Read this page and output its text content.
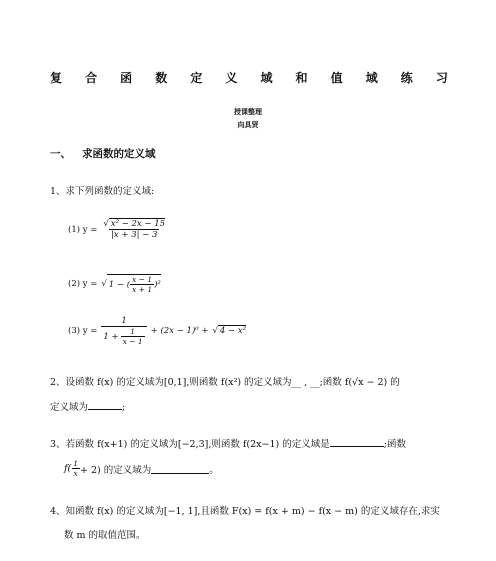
复 合 函 数 定 义 域 和 值 域 练 习
授课整理
向具贤
一、 求函数的定义域
1、求下列函数的定义域:
(1) $y = \frac{\text{√ x² − 2x − 15}}{|x + 3| - 3}$
(2) y = √ 1 − ( $\frac{x - 1}{x + 1} )^2$
(3) $y = \frac{1}{1 + \frac{1}{x - 1}} + (2x - 1)^0$ + √ 4 − x²
2、设函数 f(x) 的定义域为[0,1],则函数 f(x²) 的定义域为__ , __;函数 f(√x − 2) 的
定义域为	;
3、若函数 f(x+1) 的定义域为[−2,3],则函数 f(2x−1) 的定义域是	;函数
$f( \frac{1}{x} + 2)$ 的定义域为	。
4、知函数 f(x) 的定义域为[−1, 1],且函数 F(x) = f(x + m) − f(x − m) 的定义域存在,求实
数 m 的取值范围。
